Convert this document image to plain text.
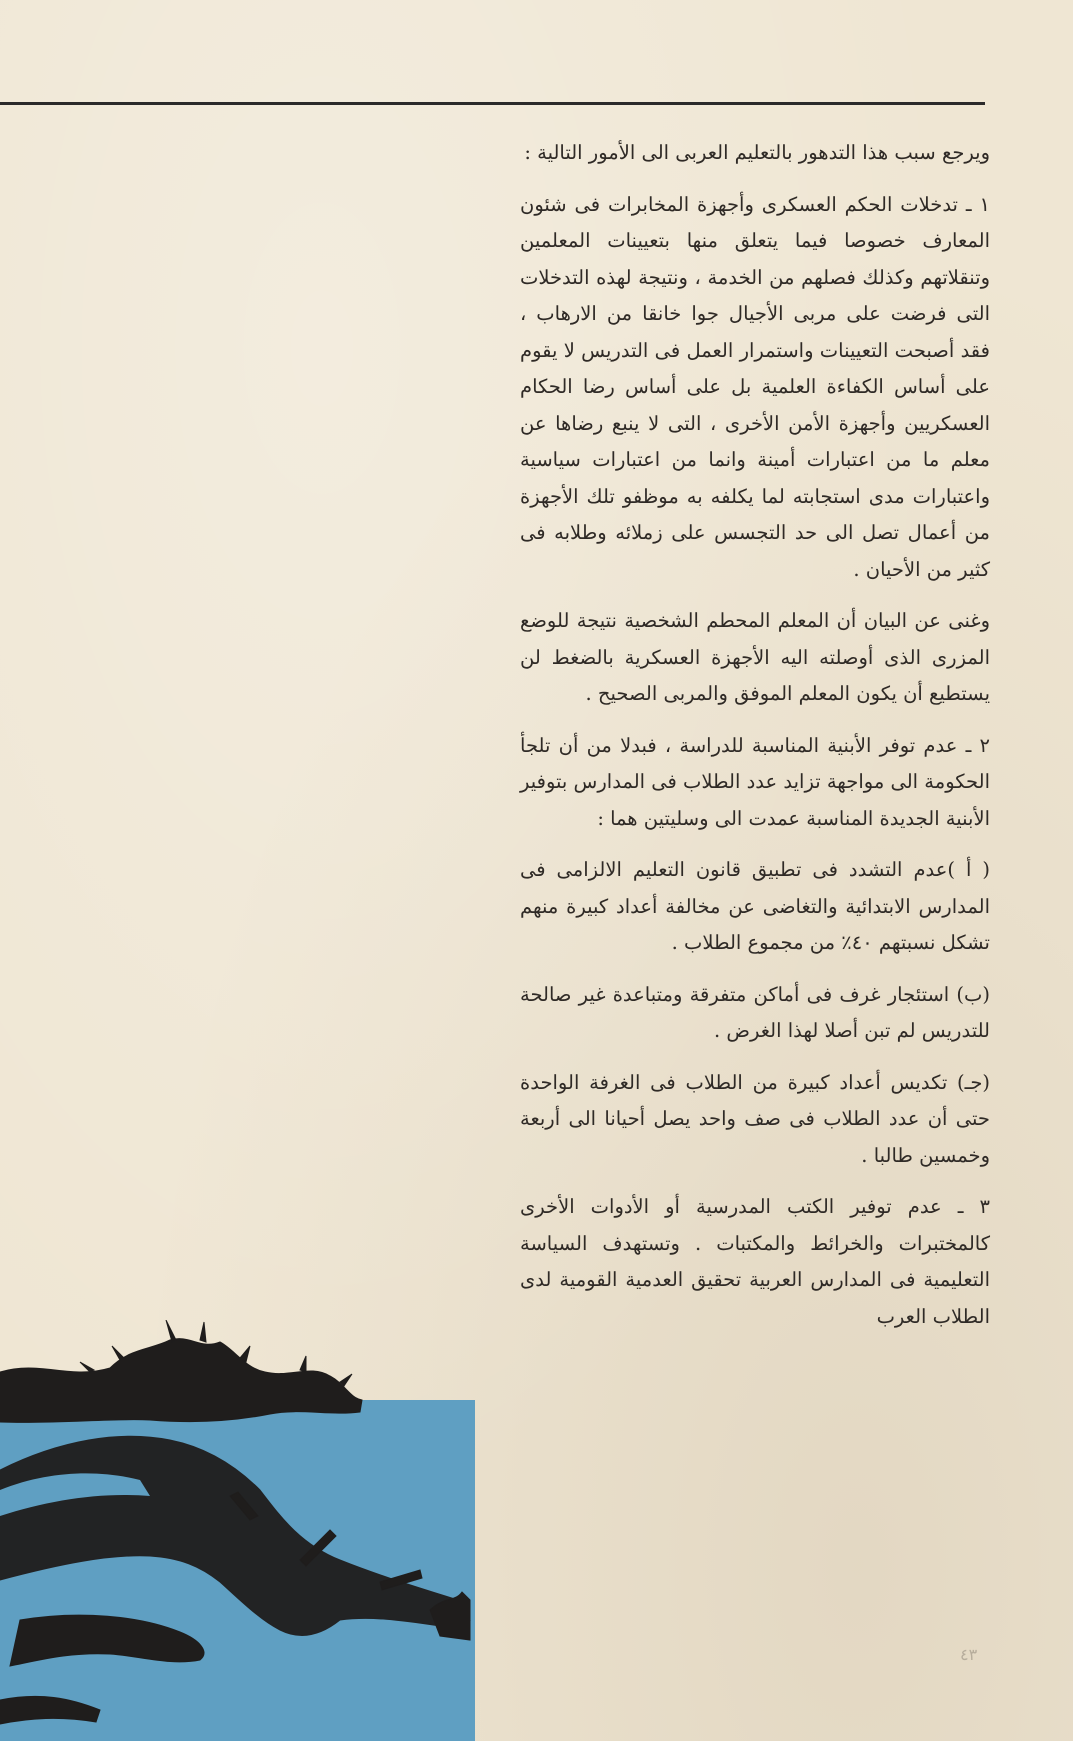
ويرجع سبب هذا التدهور بالتعليم العربى الى الأمور التالية :

١ ـ تدخلات الحكم العسكرى وأجهزة المخابرات فى شئون المعارف خصوصا فيما يتعلق منها بتعيينات المعلمين وتنقلاتهم وكذلك فصلهم من الخدمة ، ونتيجة لهذه التدخلات التى فرضت على مربى الأجيال جوا خانقا من الارهاب ، فقد أصبحت التعيينات واستمرار العمل فى التدريس لا يقوم على أساس الكفاءة العلمية بل على أساس رضا الحكام العسكريين وأجهزة الأمن الأخرى ، التى لا ينبع رضاها عن معلم ما من اعتبارات أمينة وانما من اعتبارات سياسية واعتبارات مدى استجابته لما يكلفه به موظفو تلك الأجهزة من أعمال تصل الى حد التجسس على زملائه وطلابه فى كثير من الأحيان .

وغنى عن البيان أن المعلم المحطم الشخصية نتيجة للوضع المزرى الذى أوصلته اليه الأجهزة العسكرية بالضغط لن يستطيع أن يكون المعلم الموفق والمربى الصحيح .

٢ ـ عدم توفر الأبنية المناسبة للدراسة ، فبدلا من أن تلجأ الحكومة الى مواجهة تزايد عدد الطلاب فى المدارس بتوفير الأبنية الجديدة المناسبة عمدت الى وسليتين هما :

( أ )عدم التشدد فى تطبيق قانون التعليم الالزامى فى المدارس الابتدائية والتغاضى عن مخالفة أعداد كبيرة منهم تشكل نسبتهم ٤٠٪ من مجموع الطلاب .

(ب) استئجار غرف فى أماكن متفرقة ومتباعدة غير صالحة للتدريس لم تبن أصلا لهذا الغرض .

(جـ) تكديس أعداد كبيرة من الطلاب فى الغرفة الواحدة حتى أن عدد الطلاب فى صف واحد يصل أحيانا الى أربعة وخمسين طالبا .

٣ ـ عدم توفير الكتب المدرسية أو الأدوات الأخرى كالمختبرات والخرائط والمكتبات . وتستهدف السياسة التعليمية فى المدارس العربية تحقيق العدمية القومية لدى الطلاب العرب

٤٣
